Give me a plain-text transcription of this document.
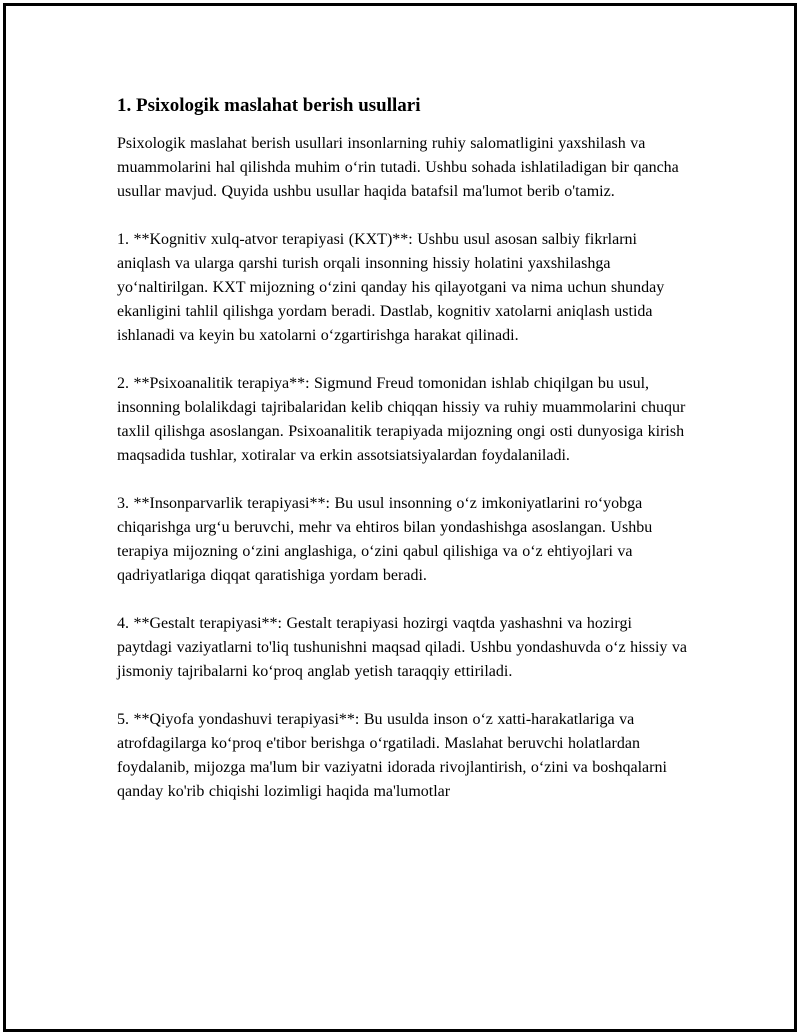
1. Psixologik maslahat berish usullari

Psixologik maslahat berish usullari insonlarning ruhiy salomatligini yaxshilash va muammolarini hal qilishda muhim o‘rin tutadi. Ushbu sohada ishlatiladigan bir qancha usullar mavjud. Quyida ushbu usullar haqida batafsil ma'lumot berib o'tamiz.

1. **Kognitiv xulq-atvor terapiyasi (KXT)**: Ushbu usul asosan salbiy fikrlarni aniqlash va ularga qarshi turish orqali insonning hissiy holatini yaxshilashga yo‘naltirilgan. KXT mijozning o‘zini qanday his qilayotgani va nima uchun shunday ekanligini tahlil qilishga yordam beradi. Dastlab, kognitiv xatolarni aniqlash ustida ishlanadi va keyin bu xatolarni o‘zgartirishga harakat qilinadi.

2. **Psixoanalitik terapiya**: Sigmund Freud tomonidan ishlab chiqilgan bu usul, insonning bolalikdagi tajribalaridan kelib chiqqan hissiy va ruhiy muammolarini chuqur taxlil qilishga asoslangan. Psixoanalitik terapiyada mijozning ongi osti dunyosiga kirish maqsadida tushlar, xotiralar va erkin assotsiatsiyalardan foydalaniladi.

3. **Insonparvarlik terapiyasi**: Bu usul insonning o‘z imkoniyatlarini ro‘yobga chiqarishga urg‘u beruvchi, mehr va ehtiros bilan yondashishga asoslangan. Ushbu terapiya mijozning o‘zini anglashiga, o‘zini qabul qilishiga va o‘z ehtiyojlari va qadriyatlariga diqqat qaratishiga yordam beradi.

4. **Gestalt terapiyasi**: Gestalt terapiyasi hozirgi vaqtda yashashni va hozirgi paytdagi vaziyatlarni to'liq tushunishni maqsad qiladi. Ushbu yondashuvda o‘z hissiy va jismoniy tajribalarni ko‘proq anglab yetish taraqqiy ettiriladi.

5. **Qiyofa yondashuvi terapiyasi**: Bu usulda inson o‘z xatti-harakatlariga va atrofdagilarga ko‘proq e'tibor berishga o‘rgatiladi. Maslahat beruvchi holatlardan foydalanib, mijozga ma'lum bir vaziyatni idorada rivojlantirish, o‘zini va boshqalarni qanday ko'rib chiqishi lozimligi haqida ma'lumotlar
